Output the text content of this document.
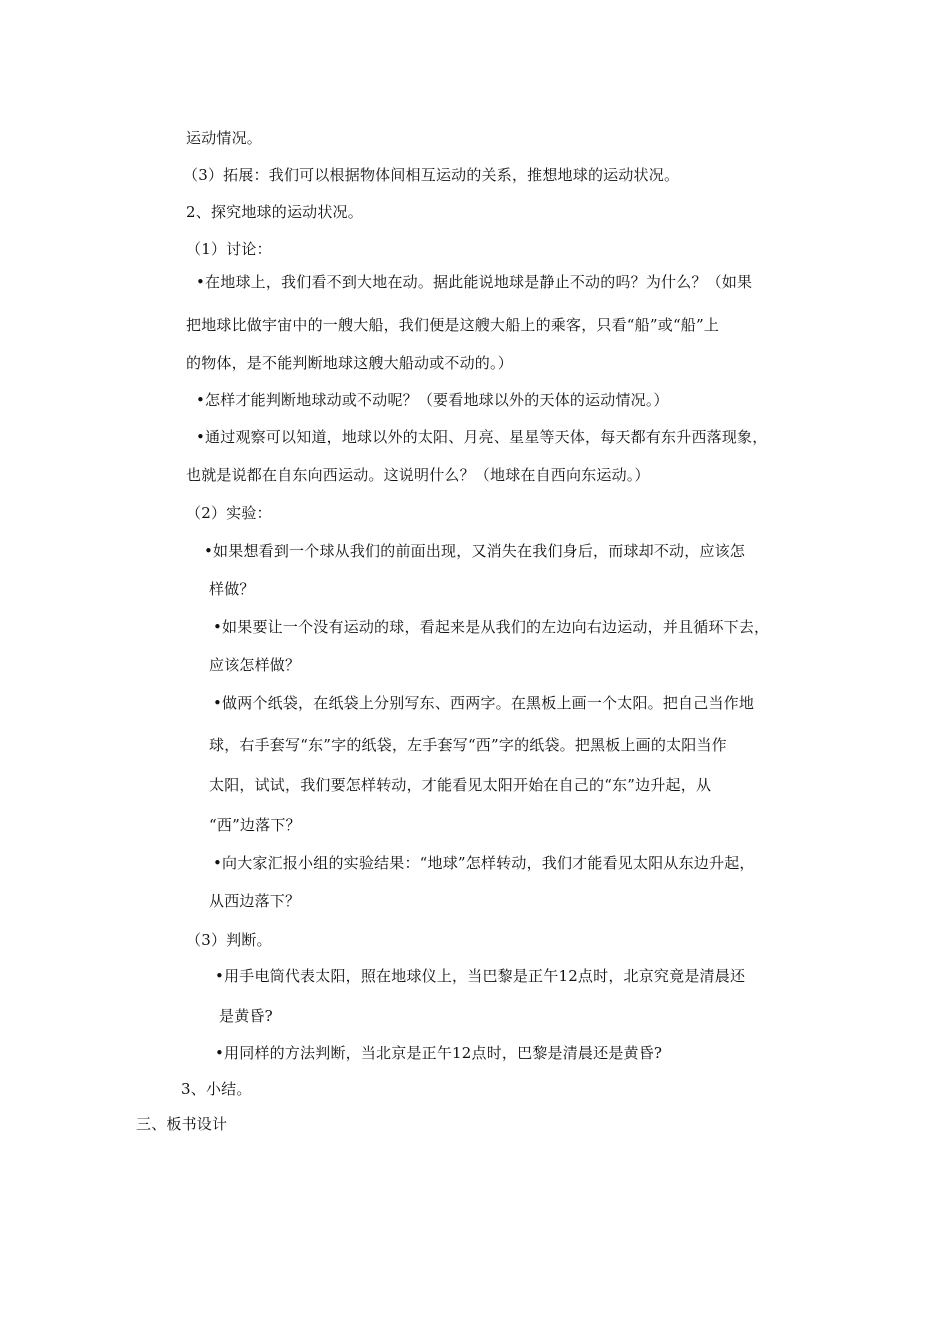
运动情况。
（3）拓展：我们可以根据物体间相互运动的关系，推想地球的运动状况。
2、探究地球的运动状况。
（1）讨论：
•在地球上，我们看不到大地在动。据此能说地球是静止不动的吗？为什么？（如果
把地球比做宇宙中的一艘大船，我们便是这艘大船上的乘客，只看“船”或“船”上
的物体，是不能判断地球这艘大船动或不动的。）
•怎样才能判断地球动或不动呢？（要看地球以外的天体的运动情况。）
•通过观察可以知道，地球以外的太阳、月亮、星星等天体，每天都有东升西落现象，
也就是说都在自东向西运动。这说明什么？（地球在自西向东运动。）
（2）实验：
•如果想看到一个球从我们的前面出现，又消失在我们身后，而球却不动，应该怎
样做？
•如果要让一个没有运动的球，看起来是从我们的左边向右边运动，并且循环下去，
应该怎样做？
•做两个纸袋，在纸袋上分别写东、西两字。在黑板上画一个太阳。把自己当作地
球，右手套写“东”字的纸袋，左手套写“西”字的纸袋。把黑板上画的太阳当作
太阳，试试，我们要怎样转动，才能看见太阳开始在自己的“东”边升起，从
“西”边落下？
•向大家汇报小组的实验结果：“地球”怎样转动，我们才能看见太阳从东边升起，
从西边落下？
（3）判断。
•用手电筒代表太阳，照在地球仪上，当巴黎是正午12点时，北京究竟是清晨还
是黄昏?
•用同样的方法判断，当北京是正午12点时，巴黎是清晨还是黄昏?
3、小结。
三、板书设计
